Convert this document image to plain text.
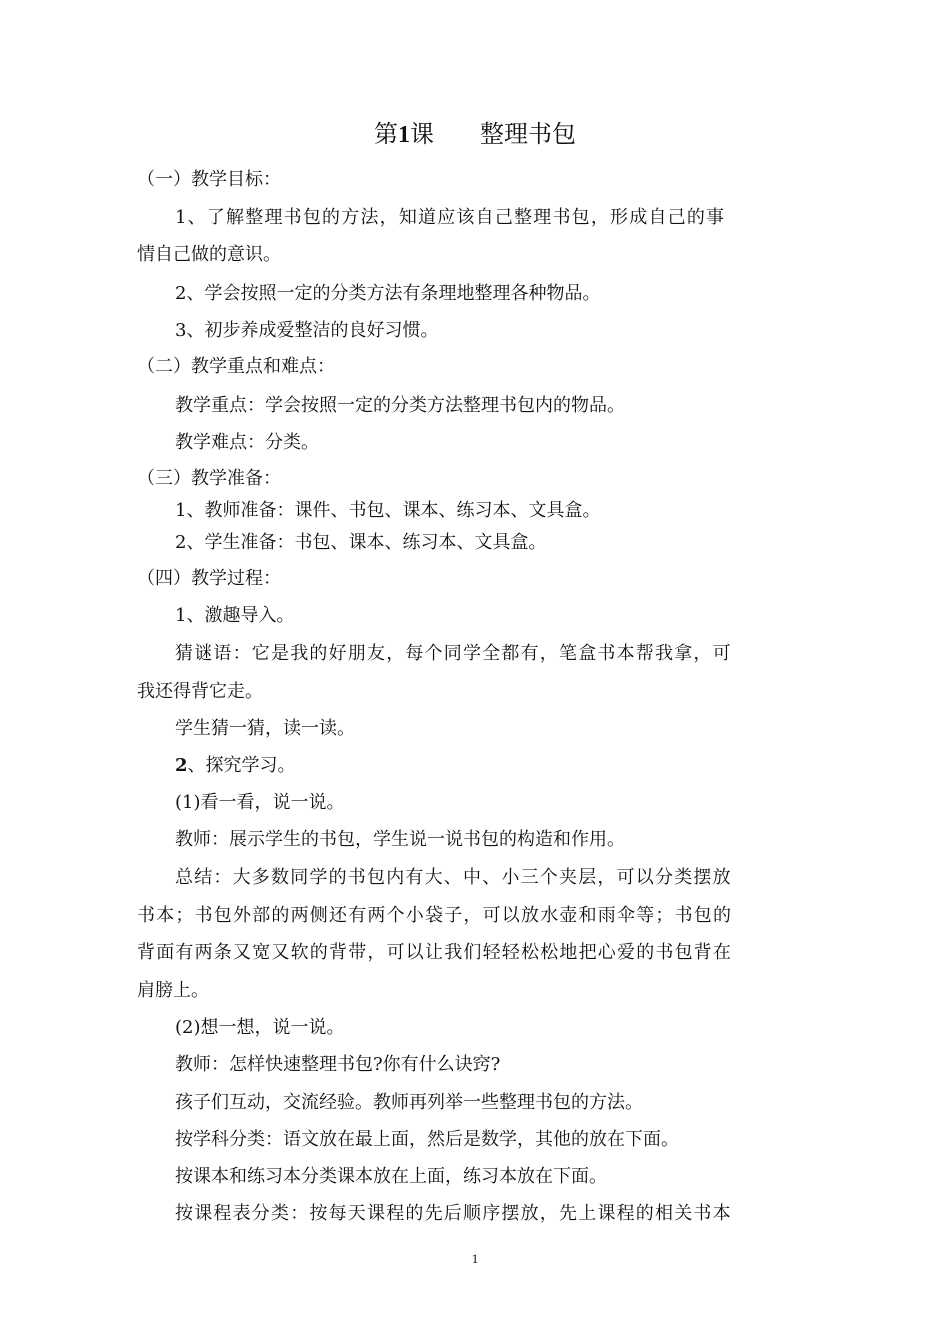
第1课 整理书包
（一）教学目标：
1、了解整理书包的方法，知道应该自己整理书包，形成自己的事
情自己做的意识。
2、学会按照一定的分类方法有条理地整理各种物品。
3、初步养成爱整洁的良好习惯。
（二）教学重点和难点：
教学重点：学会按照一定的分类方法整理书包内的物品。
教学难点：分类。
（三）教学准备：
1、教师准备：课件、书包、课本、练习本、文具盒。
2、学生准备：书包、课本、练习本、文具盒。
（四）教学过程：
1、激趣导入。
猜谜语：它是我的好朋友，每个同学全都有，笔盒书本帮我拿，可
我还得背它走。
学生猜一猜，读一读。
2、探究学习。
(1)看一看，说一说。
教师：展示学生的书包，学生说一说书包的构造和作用。
总结：大多数同学的书包内有大、中、小三个夹层，可以分类摆放
书本；书包外部的两侧还有两个小袋子，可以放水壶和雨伞等；书包的
背面有两条又宽又软的背带，可以让我们轻轻松松地把心爱的书包背在
肩膀上。
(2)想一想，说一说。
教师：怎样快速整理书包?你有什么诀窍?
孩子们互动，交流经验。教师再列举一些整理书包的方法。
按学科分类：语文放在最上面，然后是数学，其他的放在下面。
按课本和练习本分类课本放在上面，练习本放在下面。
按课程表分类：按每天课程的先后顺序摆放，先上课程的相关书本
1
